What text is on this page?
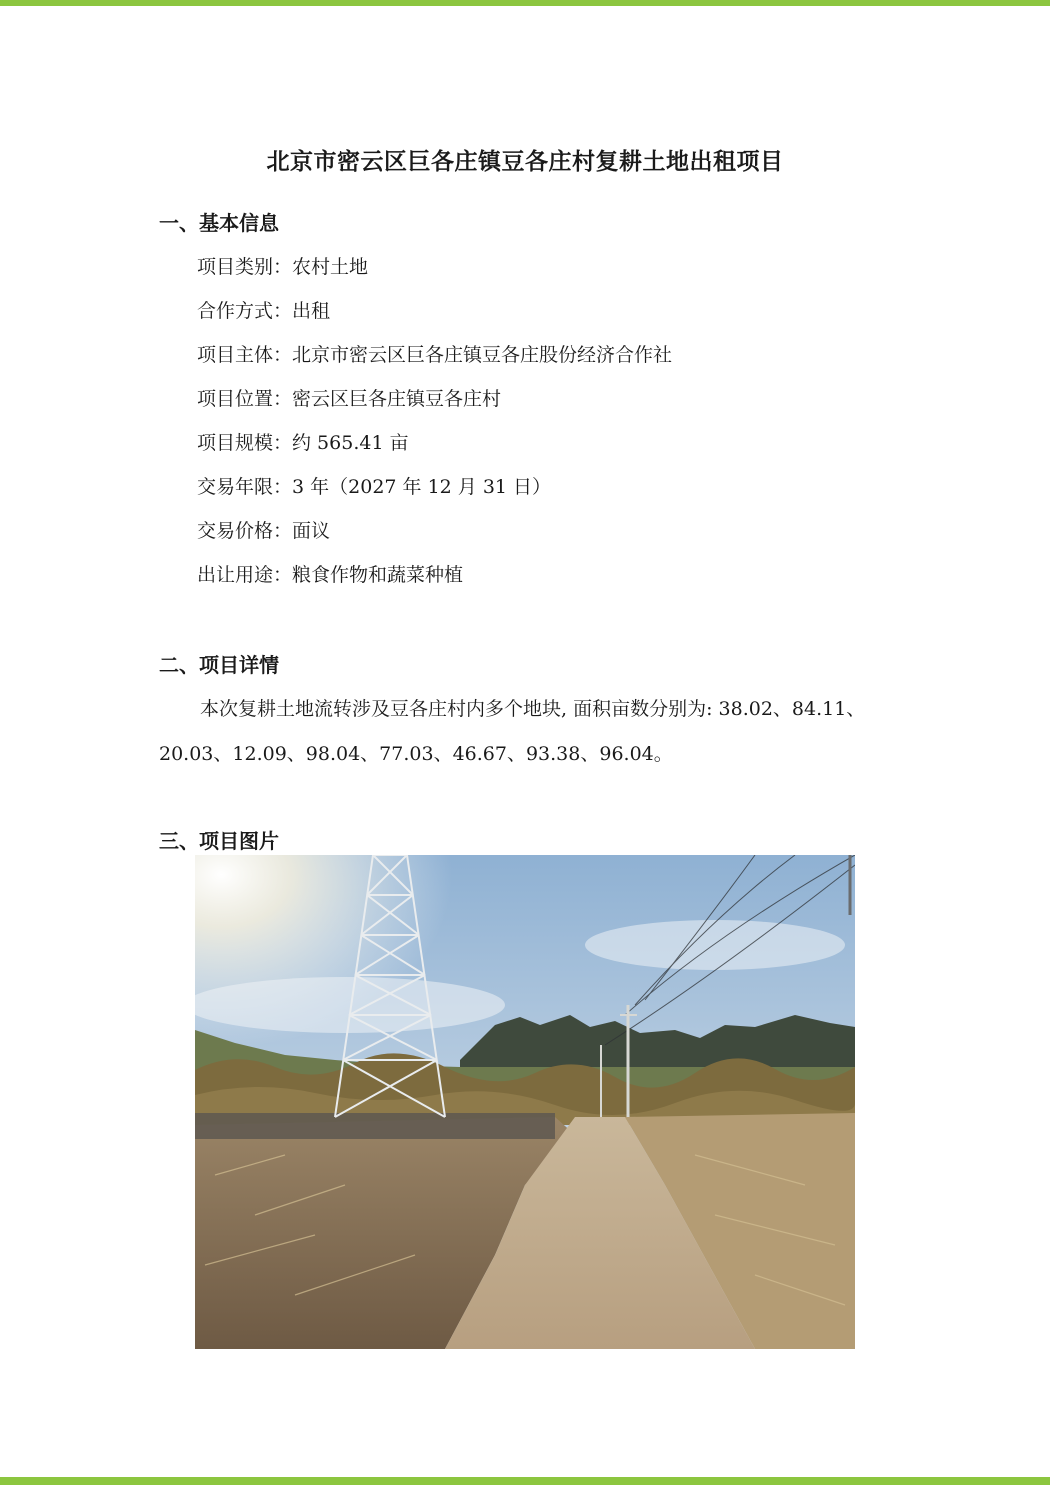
北京市密云区巨各庄镇豆各庄村复耕土地出租项目
一、基本信息
项目类别：农村土地
合作方式：出租
项目主体：北京市密云区巨各庄镇豆各庄股份经济合作社
项目位置：密云区巨各庄镇豆各庄村
项目规模：约 565.41 亩
交易年限：3 年（2027 年 12 月 31 日）
交易价格：面议
出让用途：粮食作物和蔬菜种植
二、项目详情
本次复耕土地流转涉及豆各庄村内多个地块, 面积亩数分别为: 38.02、84.11、
20.03、12.09、98.04、77.03、46.67、93.38、96.04。
三、项目图片
